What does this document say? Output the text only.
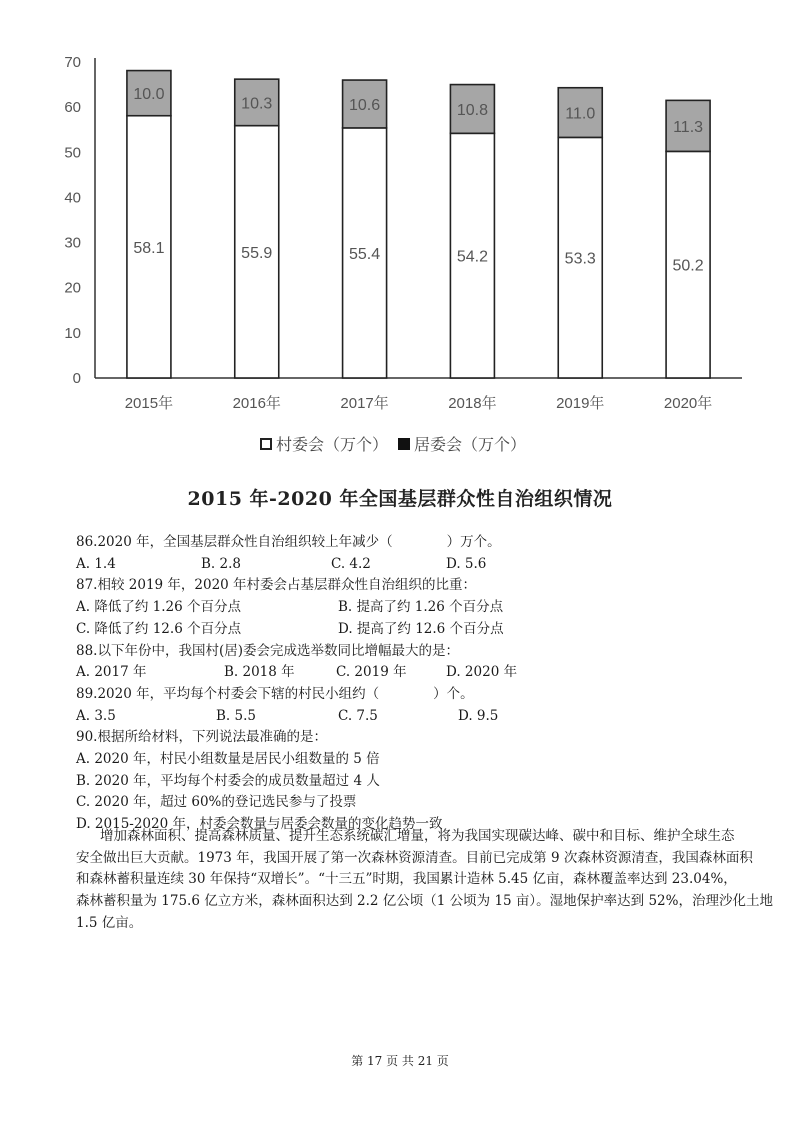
0
10
20
30
40
50
60
70
58.1
10.0
2015年
55.9
10.3
2016年
55.4
10.6
2017年
54.2
10.8
2018年
53.3
11.0
2019年
50.2
11.3
2020年
村委会（万个） 居委会（万个）
2015 年-2020 年全国基层群众性自治组织情况
86.2020 年，全国基层群众性自治组织较上年减少（　　　　）万个。
A. 1.4	B. 2.8	C. 4.2	D. 5.6
87.相较 2019 年，2020 年村委会占基层群众性自治组织的比重：
A. 降低了约 1.26 个百分点	B. 提高了约 1.26 个百分点
C. 降低了约 12.6 个百分点	D. 提高了约 12.6 个百分点
88.以下年份中，我国村(居)委会完成选举数同比增幅最大的是：
A. 2017 年	B. 2018 年	C. 2019 年	D. 2020 年
89.2020 年，平均每个村委会下辖的村民小组约（　　　　）个。
A. 3.5	B. 5.5	C. 7.5	D. 9.5
90.根据所给材料，下列说法最准确的是：
A. 2020 年，村民小组数量是居民小组数量的 5 倍
B. 2020 年，平均每个村委会的成员数量超过 4 人
C. 2020 年，超过 60%的登记选民参与了投票
D. 2015-2020 年，村委会数量与居委会数量的变化趋势一致
增加森林面积、提高森林质量、提升生态系统碳汇增量，将为我国实现碳达峰、碳中和目标、维护全球生态
安全做出巨大贡献。1973 年，我国开展了第一次森林资源清查。目前已完成第 9 次森林资源清查，我国森林面积
和森林蓄积量连续 30 年保持“双增长”。“十三五”时期，我国累计造林 5.45 亿亩，森林覆盖率达到 23.04%，
森林蓄积量为 175.6 亿立方米，森林面积达到 2.2 亿公顷（1 公顷为 15 亩）。湿地保护率达到 52%，治理沙化土地
1.5 亿亩。
第 17 页 共 21 页
